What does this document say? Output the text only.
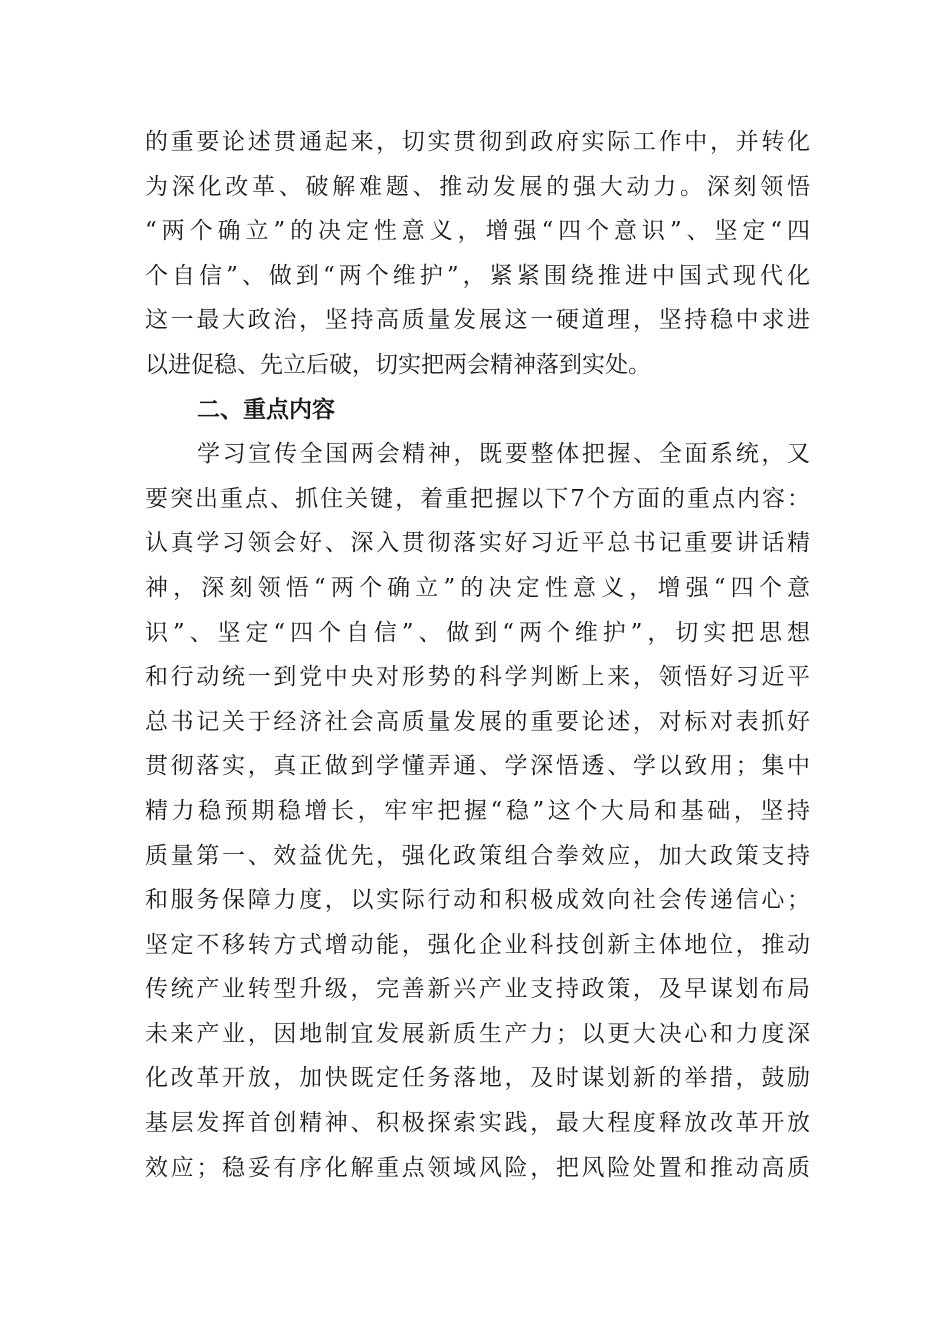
的重要论述贯通起来，切实贯彻到政府实际工作中，并转化
为深化改革、破解难题、推动发展的强大动力。深刻领悟
“两个确立”的决定性意义，增强“四个意识”、坚定“四
个自信”、做到“两个维护”，紧紧围绕推进中国式现代化
这一最大政治，坚持高质量发展这一硬道理，坚持稳中求进
以进促稳、先立后破，切实把两会精神落到实处。
二、重点内容
学习宣传全国两会精神，既要整体把握、全面系统，又
要突出重点、抓住关键，着重把握以下7个方面的重点内容：
认真学习领会好、深入贯彻落实好习近平总书记重要讲话精
神，深刻领悟“两个确立”的决定性意义，增强“四个意
识”、坚定“四个自信”、做到“两个维护”，切实把思想
和行动统一到党中央对形势的科学判断上来，领悟好习近平
总书记关于经济社会高质量发展的重要论述，对标对表抓好
贯彻落实，真正做到学懂弄通、学深悟透、学以致用；集中
精力稳预期稳增长，牢牢把握“稳”这个大局和基础，坚持
质量第一、效益优先，强化政策组合拳效应，加大政策支持
和服务保障力度，以实际行动和积极成效向社会传递信心；
坚定不移转方式增动能，强化企业科技创新主体地位，推动
传统产业转型升级，完善新兴产业支持政策，及早谋划布局
未来产业，因地制宜发展新质生产力；以更大决心和力度深
化改革开放，加快既定任务落地，及时谋划新的举措，鼓励
基层发挥首创精神、积极探索实践，最大程度释放改革开放
效应；稳妥有序化解重点领域风险，把风险处置和推动高质
